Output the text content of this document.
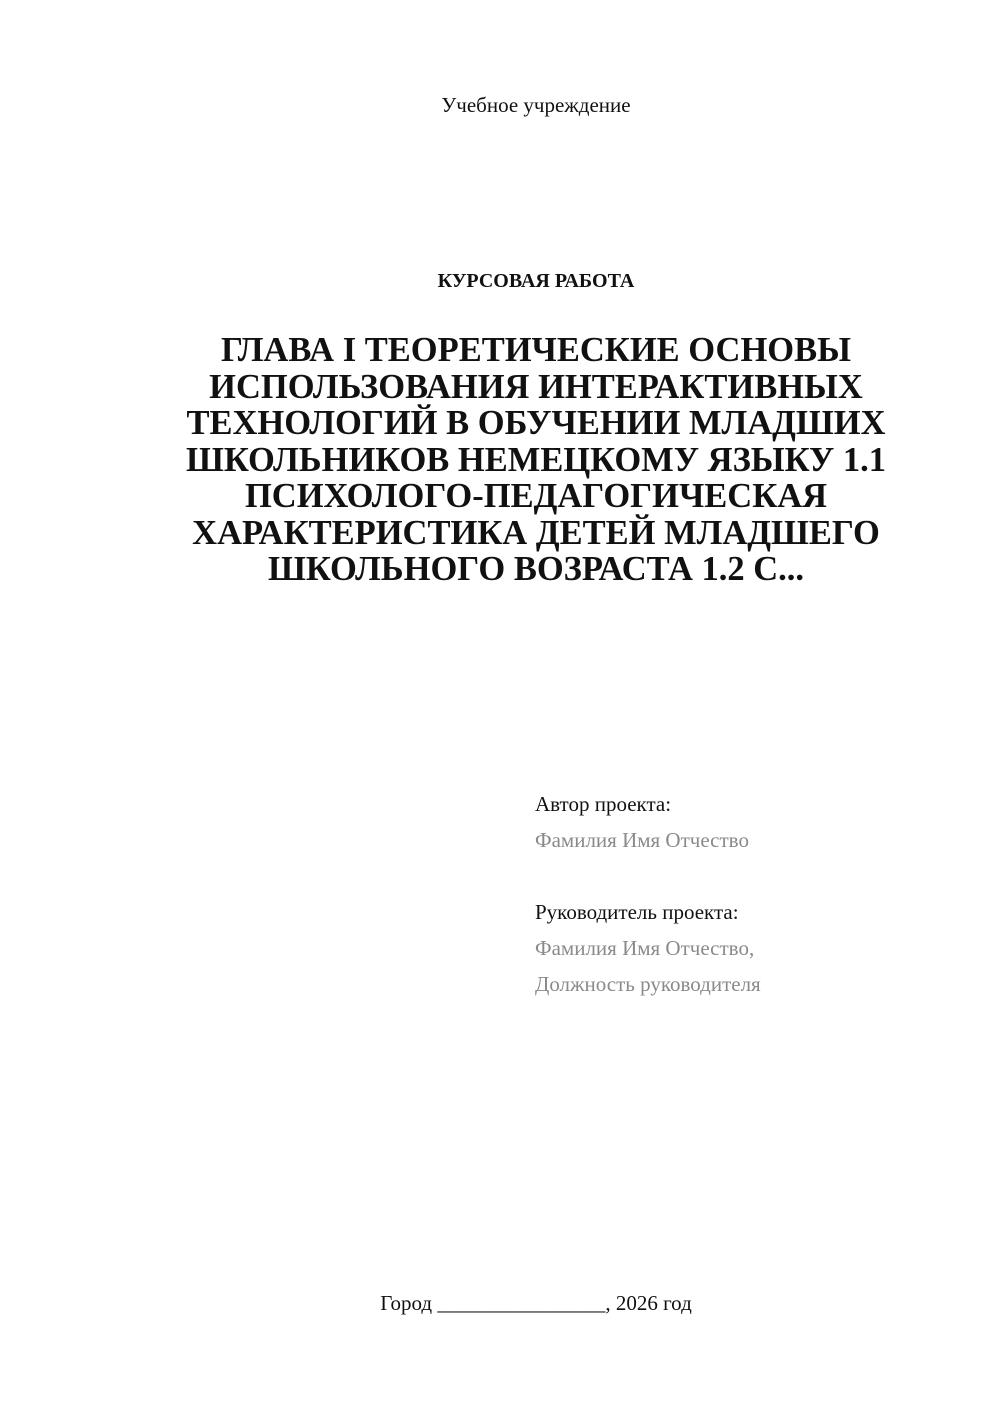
Учебное учреждение
КУРСОВАЯ РАБОТА
ГЛАВА I ТЕОРЕТИЧЕСКИЕ ОСНОВЫ ИСПОЛЬЗОВАНИЯ ИНТЕРАКТИВНЫХ ТЕХНОЛОГИЙ В ОБУЧЕНИИ МЛАДШИХ ШКОЛЬНИКОВ НЕМЕЦКОМУ ЯЗЫКУ 1.1 ПСИХОЛОГО-ПЕДАГОГИЧЕСКАЯ ХАРАКТЕРИСТИКА ДЕТЕЙ МЛАДШЕГО ШКОЛЬНОГО ВОЗРАСТА 1.2 С...
Автор проекта:
Фамилия Имя Отчество
Руководитель проекта:
Фамилия Имя Отчество,
Должность руководителя
Город ________________, 2026 год
